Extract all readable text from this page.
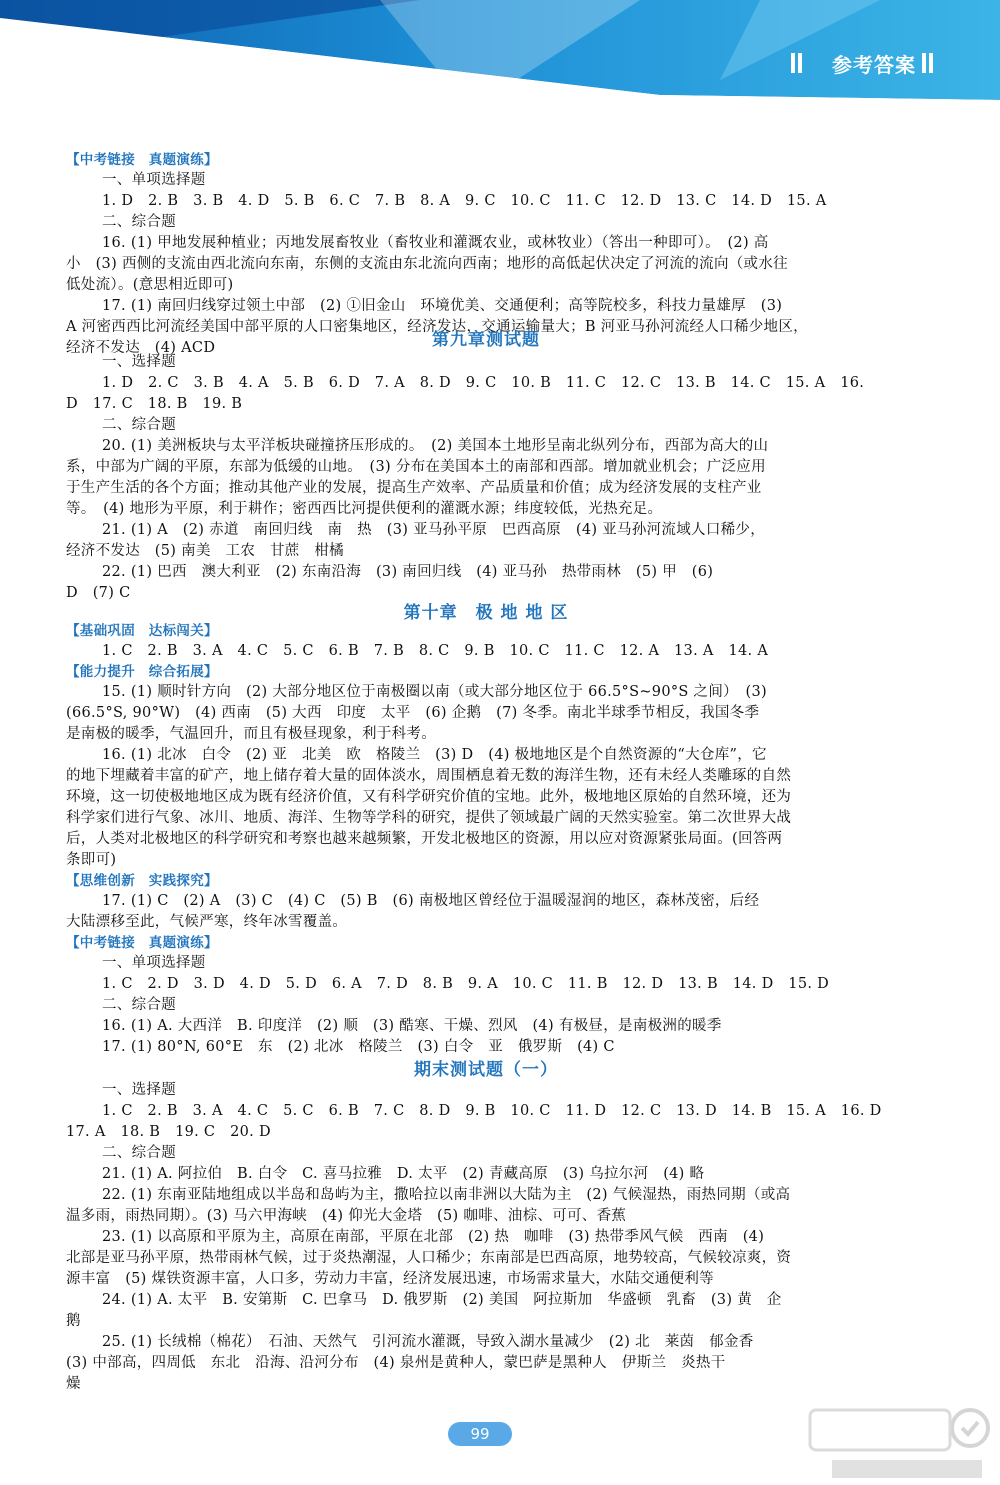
参考答案
【中考链接　真题演练】
一、单项选择题
1. D　2. B　3. B　4. D　5. B　6. C　7. B　8. A　9. C　10. C　11. C　12. D　13. C　14. D　15. A
二、综合题
16. (1) 甲地发展种植业；丙地发展畜牧业（畜牧业和灌溉农业，或林牧业）（答出一种即可）。　(2) 高
小　(3) 西侧的支流由西北流向东南，东侧的支流由东北流向西南；地形的高低起伏决定了河流的流向（或水往
低处流）。(意思相近即可)
17. (1) 南回归线穿过领土中部　(2) ①旧金山　环境优美、交通便利；高等院校多，科技力量雄厚　(3)
A 河密西西比河流经美国中部平原的人口密集地区，经济发达，交通运输量大；B 河亚马孙河流经人口稀少地区，
经济不发达　(4) ACD	第九章测试题
一、选择题
1. D　2. C　3. B　4. A　5. B　6. D　7. A　8. D　9. C　10. B　11. C　12. C　13. B　14. C　15. A　16.
D　17. C　18. B　19. B
二、综合题
20. (1) 美洲板块与太平洋板块碰撞挤压形成的。　(2) 美国本土地形呈南北纵列分布，西部为高大的山
系，中部为广阔的平原，东部为低缓的山地。　(3) 分布在美国本土的南部和西部。增加就业机会；广泛应用
于生产生活的各个方面；推动其他产业的发展，提高生产效率、产品质量和价值；成为经济发展的支柱产业
等。　(4) 地形为平原，利于耕作；密西西比河提供便利的灌溉水源；纬度较低，光热充足。
21. (1) A　(2) 赤道　南回归线　南　热　(3) 亚马孙平原　巴西高原　(4) 亚马孙河流域人口稀少，
经济不发达　(5) 南美　工农　甘蔗　柑橘
22. (1) 巴西　澳大利亚　(2) 东南沿海　(3) 南回归线　(4) 亚马孙　热带雨林　(5) 甲　(6)
D　(7) C
第十章　极 地 地 区
【基础巩固　达标闯关】
1. C　2. B　3. A　4. C　5. C　6. B　7. B　8. C　9. B　10. C　11. C　12. A　13. A　14. A
【能力提升　综合拓展】
15. (1) 顺时针方向　(2) 大部分地区位于南极圈以南（或大部分地区位于 66.5°S~90°S 之间）　(3)
(66.5°S, 90°W)　(4) 西南　(5) 大西　印度　太平　(6) 企鹅　(7) 冬季。南北半球季节相反，我国冬季
是南极的暖季，气温回升，而且有极昼现象，利于科考。
16. (1) 北冰　白令　(2) 亚　北美　欧　格陵兰　(3) D　(4) 极地地区是个自然资源的“大仓库”，它
的地下埋藏着丰富的矿产，地上储存着大量的固体淡水，周围栖息着无数的海洋生物，还有未经人类雕琢的自然
环境，这一切使极地地区成为既有经济价值，又有科学研究价值的宝地。此外，极地地区原始的自然环境，还为
科学家们进行气象、冰川、地质、海洋、生物等学科的研究，提供了领域最广阔的天然实验室。第二次世界大战
后，人类对北极地区的科学研究和考察也越来越频繁，开发北极地区的资源，用以应对资源紧张局面。(回答两
条即可)
【思维创新　实践探究】
17. (1) C　(2) A　(3) C　(4) C　(5) B　(6) 南极地区曾经位于温暖湿润的地区，森林茂密，后经
大陆漂移至此，气候严寒，终年冰雪覆盖。
【中考链接　真题演练】
一、单项选择题
1. C　2. D　3. D　4. D　5. D　6. A　7. D　8. B　9. A　10. C　11. B　12. D　13. B　14. D　15. D
二、综合题
16. (1) A. 大西洋　B. 印度洋　(2) 顺　(3) 酷寒、干燥、烈风　(4) 有极昼，是南极洲的暖季
17. (1) 80°N, 60°E　东　(2) 北冰　格陵兰　(3) 白令　亚　俄罗斯　(4) C
期末测试题（一）
一、选择题
1. C　2. B　3. A　4. C　5. C　6. B　7. C　8. D　9. B　10. C　11. D　12. C　13. D　14. B　15. A　16. D
17. A　18. B　19. C　20. D
二、综合题
21. (1) A. 阿拉伯　B. 白令　C. 喜马拉雅　D. 太平　(2) 青藏高原　(3) 乌拉尔河　(4) 略
22. (1) 东南亚陆地组成以半岛和岛屿为主，撒哈拉以南非洲以大陆为主　(2) 气候湿热，雨热同期（或高
温多雨，雨热同期）。(3) 马六甲海峡　(4) 仰光大金塔　(5) 咖啡、油棕、可可、香蕉
23. (1) 以高原和平原为主，高原在南部，平原在北部　(2) 热　咖啡　(3) 热带季风气候　西南　(4)
北部是亚马孙平原，热带雨林气候，过于炎热潮湿，人口稀少；东南部是巴西高原，地势较高，气候较凉爽，资
源丰富　(5) 煤铁资源丰富，人口多，劳动力丰富，经济发展迅速，市场需求量大，水陆交通便利等
24. (1) A. 太平　B. 安第斯　C. 巴拿马　D. 俄罗斯　(2) 美国　阿拉斯加　华盛顿　乳畜　(3) 黄　企
鹅
25. (1) 长绒棉（棉花）　石油、天然气　引河流水灌溉，导致入湖水量减少　(2) 北　莱茵　郁金香
(3) 中部高，四周低　东北　沿海、沿河分布　(4) 泉州是黄种人，蒙巴萨是黑种人　伊斯兰　炎热干
燥
99
